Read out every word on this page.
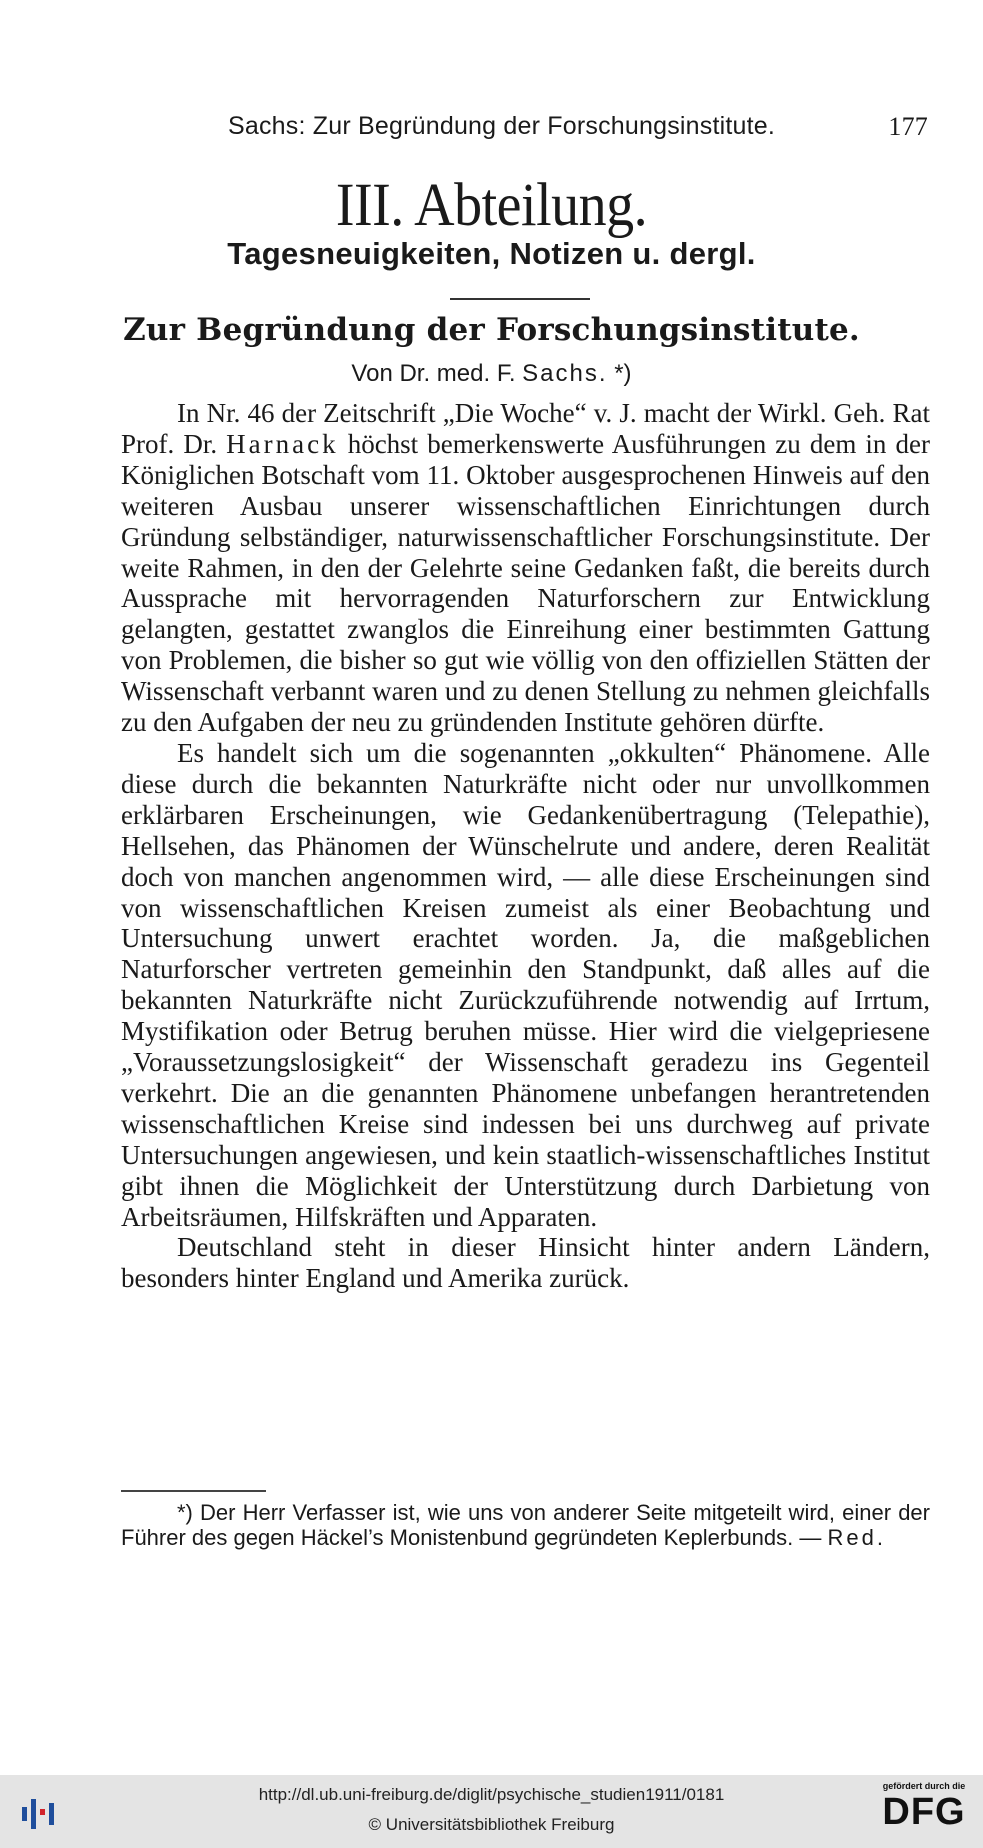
Sachs: Zur Begründung der Forschungsinstitute.	177
III. Abteilung.
Tagesneuigkeiten, Notizen u. dergl.
Zur Begründung der Forschungsinstitute.
Von Dr. med. F. Sachs. *)

In Nr. 46 der Zeitschrift „Die Woche“ v. J. macht der Wirkl. Geh. Rat Prof. Dr. Harnack höchst bemerkenswerte Ausführungen zu dem in der Königlichen Botschaft vom 11. Oktober ausgesprochenen Hinweis auf den weiteren Ausbau unserer wissenschaftlichen Einrichtungen durch Gründung selbständiger, naturwissenschaftlicher Forschungsinstitute. Der weite Rahmen, in den der Gelehrte seine Gedanken faßt, die bereits durch Aussprache mit hervorragenden Naturforschern zur Entwicklung gelangten, gestattet zwanglos die Einreihung einer bestimmten Gattung von Problemen, die bisher so gut wie völlig von den offiziellen Stätten der Wissenschaft verbannt waren und zu denen Stellung zu nehmen gleichfalls zu den Aufgaben der neu zu gründenden Institute gehören dürfte.

Es handelt sich um die sogenannten „okkulten“ Phänomene. Alle diese durch die bekannten Naturkräfte nicht oder nur unvollkommen erklärbaren Erscheinungen, wie Gedankenübertragung (Telepathie), Hellsehen, das Phänomen der Wünschelrute und andere, deren Realität doch von manchen angenommen wird, — alle diese Erscheinungen sind von wissenschaftlichen Kreisen zumeist als einer Beobachtung und Untersuchung unwert erachtet worden. Ja, die maßgeblichen Naturforscher vertreten gemeinhin den Standpunkt, daß alles auf die bekannten Naturkräfte nicht Zurückzuführende notwendig auf Irrtum, Mystifikation oder Betrug beruhen müsse. Hier wird die vielgepriesene „Voraussetzungslosigkeit“ der Wissenschaft geradezu ins Gegenteil verkehrt. Die an die genannten Phänomene unbefangen herantretenden wissenschaftlichen Kreise sind indessen bei uns durchweg auf private Untersuchungen angewiesen, und kein staatlich-wissenschaftliches Institut gibt ihnen die Möglichkeit der Unterstützung durch Darbietung von Arbeitsräumen, Hilfskräften und Apparaten.

Deutschland steht in dieser Hinsicht hinter andern Ländern, besonders hinter England und Amerika zurück.

*) Der Herr Verfasser ist, wie uns von anderer Seite mitgeteilt wird, einer der Führer des gegen Häckel’s Monistenbund gegründeten Keplerbunds. — Red.

http://dl.ub.uni-freiburg.de/diglit/psychische_studien1911/0181
© Universitätsbibliothek Freiburg
gefördert durch die
DFG
